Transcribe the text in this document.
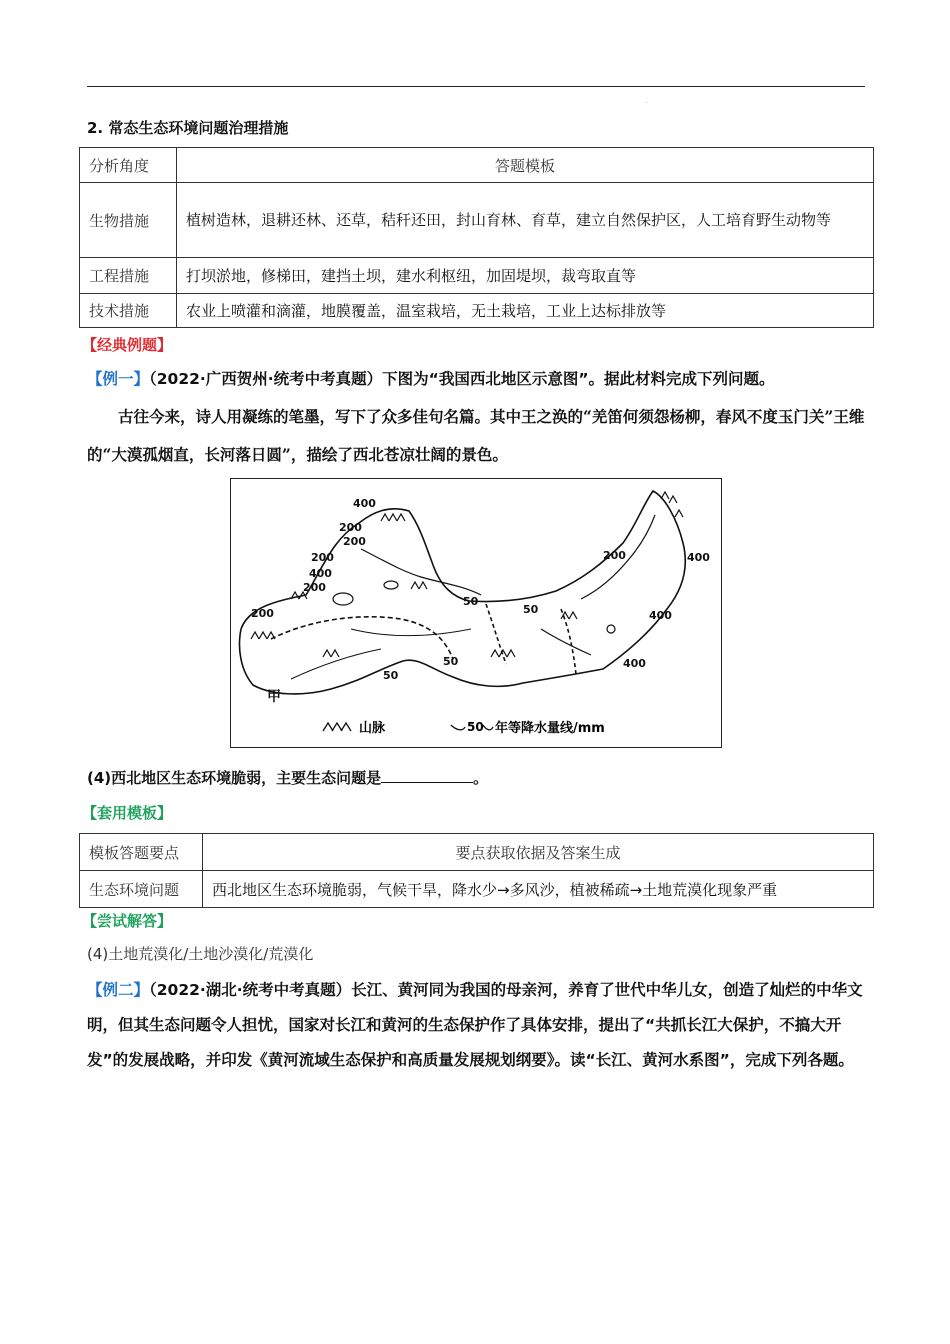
.
2. 常态生态环境问题治理措施
分析角度	答题模板
生物措施	植树造林，退耕还林、还草，秸秆还田，封山育林、育草，建立自然保护区，人工培育野生动物等
工程措施	打坝淤地，修梯田，建挡土坝，建水利枢纽，加固堤坝，裁弯取直等
技术措施	农业上喷灌和滴灌，地膜覆盖，温室栽培，无土栽培，工业上达标排放等
【经典例题】
【例一】（2022·广西贺州·统考中考真题）下图为“我国西北地区示意图”。据此材料完成下列问题。
古往今来，诗人用凝练的笔墨，写下了众多佳句名篇。其中王之涣的“羌笛何须怨杨柳，春风不度玉门关”王维的“大漠孤烟直，长河落日圆”，描绘了西北苍凉壮阔的景色。
400
200
200
200
400
200
200
50
50
50
50
400
400
200
400
甲
山脉	50 年等降水量线/mm
(4)西北地区生态环境脆弱，主要生态问题是	。
【套用模板】
模板答题要点	要点获取依据及答案生成
生态环境问题	西北地区生态环境脆弱，气候干旱，降水少→多风沙，植被稀疏→土地荒漠化现象严重
【尝试解答】
(4)土地荒漠化/土地沙漠化/荒漠化
【例二】（2022·湖北·统考中考真题）长江、黄河同为我国的母亲河，养育了世代中华儿女，创造了灿烂的中华文明，但其生态问题令人担忧，国家对长江和黄河的生态保护作了具体安排，提出了“共抓长江大保护，不搞大开发”的发展战略，并印发《黄河流域生态保护和高质量发展规划纲要》。读“长江、黄河水系图”，完成下列各题。
